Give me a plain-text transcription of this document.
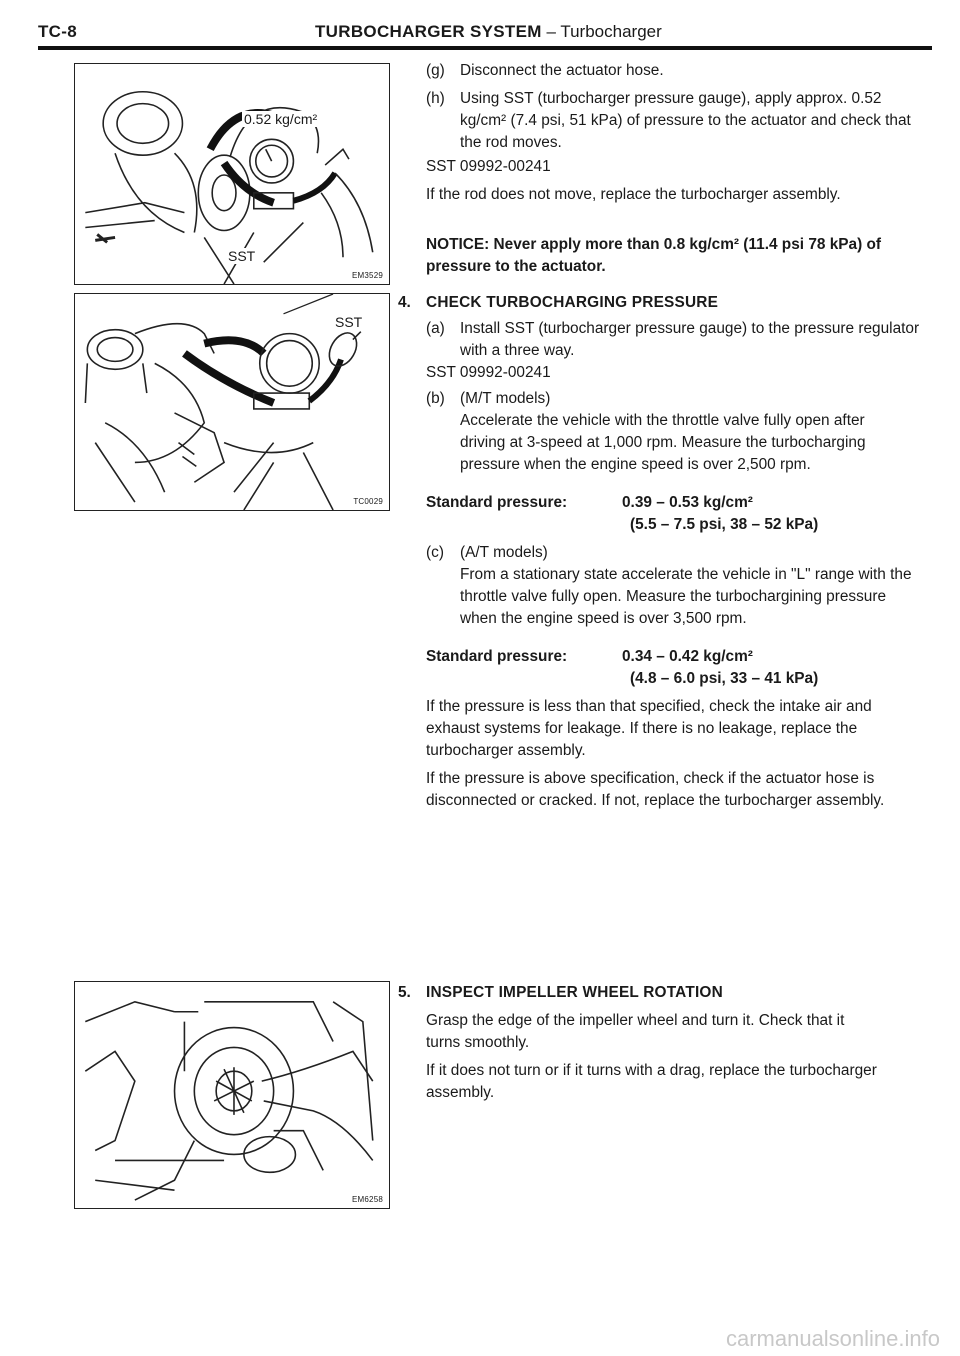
TC-8	TURBOCHARGER SYSTEM – Turbocharger
0.52 kg/cm²
SST
EM3529
SST
TC0029
EM6258
(g) Disconnect the actuator hose.
(h) Using SST (turbocharger pressure gauge), apply approx. 0.52 kg/cm² (7.4 psi, 51 kPa) of pressure to the actuator and check that the rod moves.

SST 09992-00241

If the rod does not move, replace the turbocharger assembly.

NOTICE: Never apply more than 0.8 kg/cm² (11.4 psi 78 kPa) of pressure to the actuator.

4. CHECK TURBOCHARGING PRESSURE
(a) Install SST (turbocharger pressure gauge) to the pressure regulator with a three way.

SST 09992-00241

(b) (M/T models)

Accelerate the vehicle with the throttle valve fully open after driving at 3-speed at 1,000 rpm. Measure the turbocharging pressure when the engine speed is over 2,500 rpm.

Standard pressure:	0.39 – 0.53 kg/cm²
(5.5 – 7.5 psi, 38 – 52 kPa)
(c) (A/T models)

From a stationary state accelerate the vehicle in "L" range with the throttle valve fully open. Measure the turbochargining pressure when the engine speed is over 3,500 rpm.

Standard pressure:	0.34 – 0.42 kg/cm²
(4.8 – 6.0 psi, 33 – 41 kPa)

If the pressure is less than that specified, check the intake air and exhaust systems for leakage. If there is no leakage, replace the turbocharger assembly.

If the pressure is above specification, check if the actuator hose is disconnected or cracked. If not, replace the turbocharger assembly.

5. INSPECT IMPELLER WHEEL ROTATION

Grasp the edge of the impeller wheel and turn it. Check that it turns smoothly.

If it does not turn or if it turns with a drag, replace the turbocharger assembly.

carmanualsonline.info
